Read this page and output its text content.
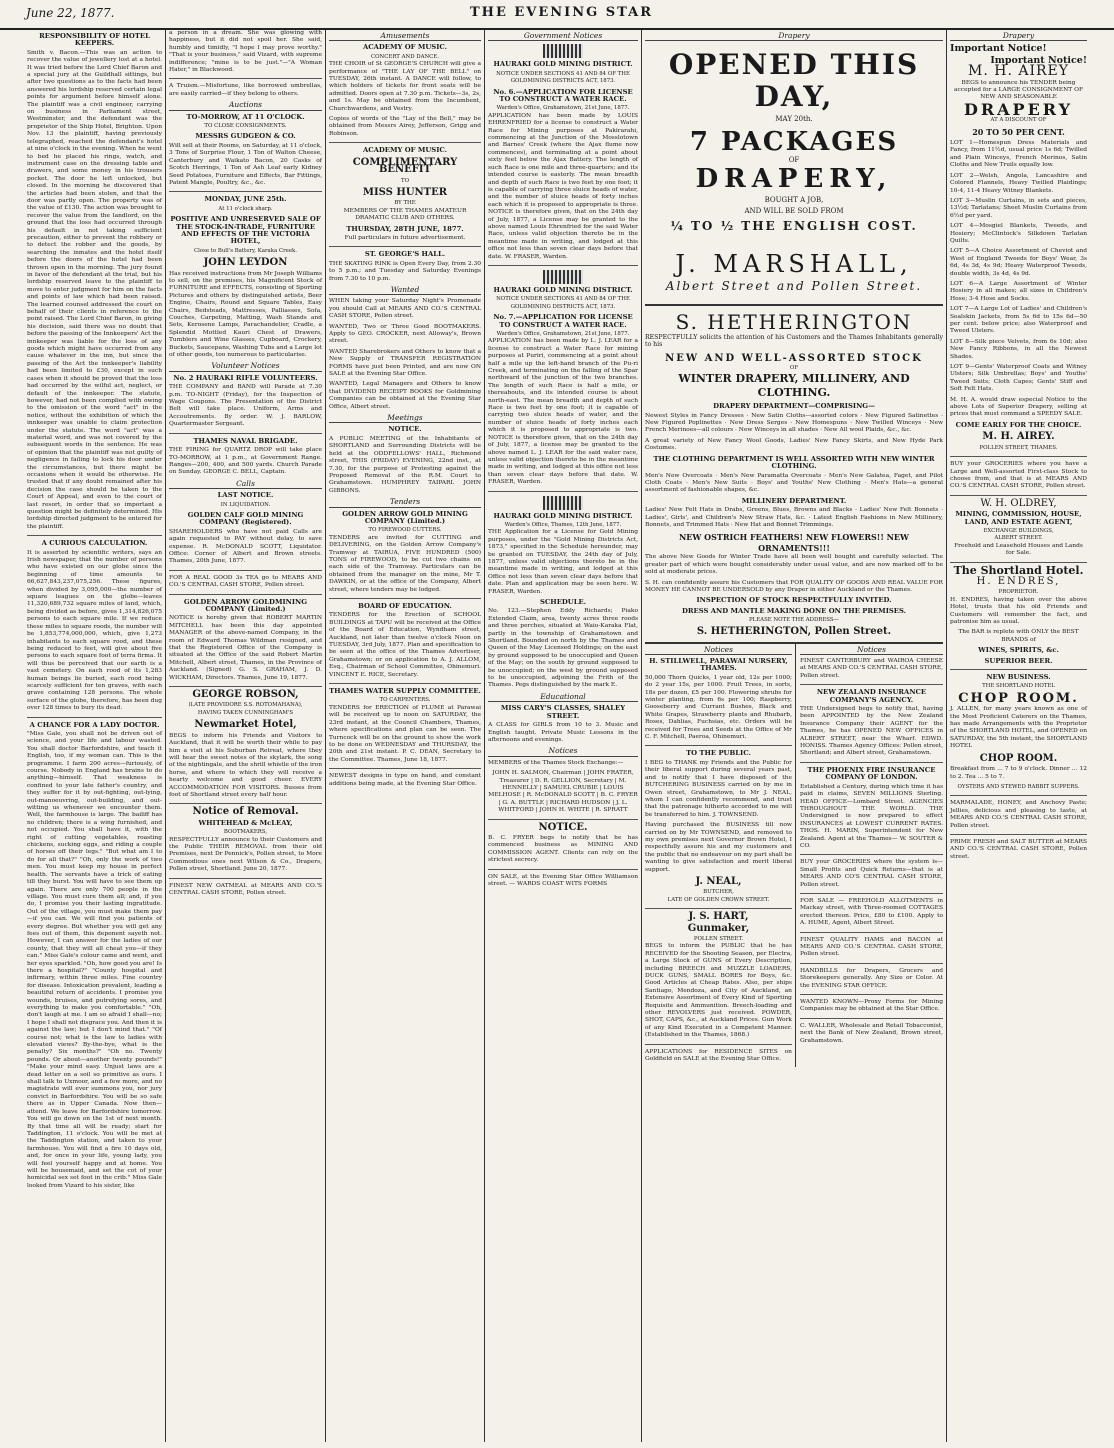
June 22, 1877.	THE EVENING STAR
RESPONSIBILITY OF HOTEL KEEPERS.
Smith v. Bacon.—This was an action to recover the value of jewellery lost at a hotel. It was tried before the Lord Chief Baron and a special jury at the Guildhall sittings, but after two questions as to the facts had been answered his lordship reserved certain legal points for argument before himself alone. The plaintiff was a civil engineer, carrying on business in Parliament street, Westminster, and the defendant was the proprietor of the Ship Hotel, Brighton. Upon Nov. 13 the plaintiff, having previously telegraphed, reached the defendant's hotel at nine o'clock in the evening. When he went to bed he placed his rings, watch, and instrument case on the dressing table and drawers, and some money in his trousers pocket. The door he left unlocked, but closed. In the morning he discovered that the articles had been stolen, and that the door was partly open. The property was of the value of £130. The action was brought to recover the value from the landlord, on the ground that the loss had occurred through his default in not taking sufficient precaution, either to prevent the robbery or to detect the robber and the goods, by searching the inmates and the hotel itself before the doors of the hotel had been thrown open in the morning. The jury found in favor of the defendant at the trial, but his lordship reserved leave to the plaintiff to move to enter judgment for him on the facts and points of law which had been raised. The learned counsel addressed the court on behalf of their clients in reference to the point raised. The Lord Chief Baron, in giving his decision, said there was no doubt that before the passing of the Innkeepers' Act the innkeeper was liable for the loss of any goods which might have occurred from any cause whatever in the inn, but since the passing of the Act the innkeeper's liability had been limited to £30, except in such cases when it should be proved that the loss had occurred by the wilful act, neglect, or default of the innkeeper. The statute, however, had not been complied with owing to the omission of the word "act" in the notice, without the exhibition of which the innkeeper was unable to claim protection under the statute. The word "act" was a material word, and was not covered by the subsequent words in the sentence. He was of opinion that the plaintiff was not guilty of negligence in failing to lock his door under the circumstances, but there might be occasions when it would be otherwise. He trusted that if any doubt remained after his decision the case should be taken to the Court of Appeal, and even to the court of last resort, in order that so important a question might be definitely determined. His lordship directed judgment to be entered for the plaintiff.
A CURIOUS CALCULATION.
It is asserted by scientific writers, says an Irish newspaper, that the number of persons who have existed on our globe since the beginning of time amounts to 66,627,843,237,075,256. These figures, when divided by 3,095,000—the number of square leagues on the globe—leaves 11,320,689,732 square miles of land, which, being divided as before, gives 1,314,826,075 persons to each square mile. If we reduce these miles to square roods, the number will be 1,853,774,000,000, which, give 1,273 inhabitants to each square rood, and these being reduced to feet, will give about five persons to each square foot of terra firma. It will thus be perceived that our earth is a vast cemetery. On each rood of its 1,283 human beings lie buried, each rood being scarcely sufficient for ten graves, with each grave containing 128 persons. The whole surface of the globe, therefore, has been dug over 128 times to bury its dead.
A CHANCE FOR A LADY DOCTOR.
"Miss Gale, you shall not be driven out of science, and your life and labour wasted. You shall doctor Barfordshire, and teach it English, too, if my woman can. This is the programme. I farm 200 acres—furiously, of course. Nobody in England has brains to do anything—himself. That weakness is confined to your late father's country, and they suffer for it by out-fighting, out-lying, out-manoeuvring, out-building, and out-witting us whenever we encounter them. Well, the farmhouse is large. The bailiff has no children; there is a wing furnished, and not occupied. You shall have it, with the right of cutting vegetables, roasting chickens, sucking eggs, and riding a couple of horses off their legs." "But what am I to do for all that?" "Oh, only the work of two men. You must keep my house in perfect health. The servants have a trick of eating till they burst. You will have to see them up again. There are only 700 people in the village. You must cure them all; and, if you do, I promise you their lasting ingratitude. Out of the village, you must make them pay—if you can. We will find you patients of every degree. But whether you will get any fees out of them, this deponent sayeth not. However, I can answer for the ladies of our county, that they will all cheat you—if they can." Miss Gale's colour came and went, and her eyes sparkled. "Oh, how good you are! Is there a hospital?" "County hospital and infirmary, within three miles. Fine country for disease. Intoxication prevalent, leading a beautiful return of accidents. I promise you wounds, bruises, and putrefying sores, and everything to make you comfortable." "Oh, don't laugh at me. I am so afraid I shall—no; I hope I shall not disgrace you. And then it is against the law; but I don't mind that." "Of course not; what is the law to ladies with elevated views? By-the-bye, what is the penalty? Six months?" "Oh no. Twenty pounds. Or about—another twenty pounds!" "Make your mind easy. Unjust laws are a dead letter on a soil so primitive as ours. I shall talk to Uxmoor, and a few more, and no magistrate will ever summons you, nor jury convict in Barfordshire. You will be so safe there as in Upper Canada. Now then—attend. We leave for Barfordshire tomorrow. You will go down on the 1st of next month. By that time all will be ready; start for Taddington, 11 o'clock. You will be met at the Taddington station, and taken to your farmhouse. You will find a fire 10 days old, and, for once in your life, young lady, you will feel yourself happy and at home. You will be housemaid, and set the cot of your homicidal sex set foot in the crib." Miss Gale looked from Vizard to his sister, like
a person in a dream. She was glowing with happiness, but it did not spoil her. She said, humbly and timidly, "I hope I may prove worthy." "That is your business," said Vizard, with supreme indifference; "mine is to be just."—"A Woman Hater," in Blackwood.
A Truism.—Misfortune, like borrowed umbrellas, are easily carried—if they belong to others.
Auctions
TO-MORROW, AT 11 O'CLOCK.
TO CLOSE CONSIGNMENTS.
MESSRS GUDGEON & CO.
Will sell at their Rooms, on Saturday, at 11 o'clock, 3 Tons of Surprise Flour, 1 Ton of Walton Cheese, Canterbury and Waikato Bacon, 20 Casks of Scotch Herrings, 1 Ton of Ash Leaf early Kidney Seed Potatoes, Furniture and Effects, Bar Fittings, Patent Mangle, Poultry, &c., &c.
MONDAY, JUNE 25th.
At 11 o'clock sharp.
POSITIVE AND UNRESERVED SALE OF THE STOCK-IN-TRADE, FURNITURE AND EFFECTS OF THE VICTORIA HOTEL,
Close to Bull's Battery, Karaka Creek.
JOHN LEYDON
Has received instructions from Mr Joseph Williams to sell, on the premises, his Magnificent Stock of FURNITURE and EFFECTS, consisting of Sporting Pictures and others by distinguished artists, Beer Engine, Chairs, Round and Square Tables, Easy Chairs, Bedsteads, Mattresses, Palliasses, Sofa, Couches, Carpeting, Matting, Wash Stands and Sets, Kerosene Lamps, Parachandelier, Cradle, a Splendid Mottled Kauri Chest of Drawers, Tumblers and Wine Glasses, Cupboard, Crockery, Buckets, Saucepans, Washing Tubs and a Large lot of other goods, too numerous to particularise.
Volunteer Notices
No. 2 HAURAKI RIFLE VOLUNTEERS.
THE COMPANY and BAND will Parade at 7.30 p.m. TO-NIGHT (Friday), for the Inspection of Wage Coupons. The Presentation of the District Belt will take place. Uniform, Arms and Accoutrements. By order. W. J. BARLOW, Quartermaster Sergeant.
THAMES NAVAL BRIGADE.
THE FIRING for QUARTZ DROP will take place TO-MORROW, at 1 p.m., at Government Range. Ranges—200, 400, and 500 yards. Church Parade on Sunday. GEORGE C. BELL, Captain.
Calls
LAST NOTICE.
IN LIQUIDATION.
GOLDEN CALF GOLD MINING COMPANY (Registered).
SHAREHOLDERS who have not paid Calls are again requested to PAY without delay, to save expense. R. McDONALD SCOTT, Liquidator. Office: Corner of Albert and Brown streets. Thames, 20th June, 1877.
FOR A REAL GOOD 3s TEA go to MEARS AND CO.'S CENTRAL CASH STORE, Pollen street.
GOLDEN ARROW GOLDMINING COMPANY (Limited.)
NOTICE is hereby given that ROBERT MARTIN MITCHELL has been this day appointed MANAGER of the above-named Company, in the room of Edward Thomas Wildman resigned, and that the Registered Office of the Company is situated at the Office of the said Robert Martin Mitchell, Albert street, Thames, in the Province of Auckland. (Signed) G. S. GRAHAM, J. D. WICKHAM, Directors. Thames, June 19, 1877.
GEORGE ROBSON,
(LATE PROVIDORE S.S. ROTOMAHANA),
HAVING TAKEN CUNNINGHAM'S
Newmarket Hotel,
BEGS to inform his Friends and Visitors to Auckland, that it will be worth their while to pay him a visit at his Suburban Retreat, where they will hear the sweet notes of the skylark, the song of the nightingale, and the shrill whistle of the iron horse, and where to which they will receive a hearty welcome and good cheer. EVERY ACCOMMODATION FOR VISITORS. Busses from foot of Shortland street every half hour.
Notice of Removal.
WHITEHEAD & McLEAY,
BOOTMAKERS,
RESPECTFULLY announce to their Customers and the Public THEIR REMOVAL from their old Premises, next Dr Pennick's, Pollen street, to More Commodious ones next Wilson & Co., Drapers, Pollen street, Shortland. June 20, 1877.
FINEST NEW OATMEAL at MEARS AND CO.'S CENTRAL CASH STORE, Pollen street.
Amusements
ACADEMY OF MUSIC.
CONCERT AND DANCE.
THE CHOIR of St GEORGE'S CHURCH will give a performance of "THE LAY OF THE BELL" on TUESDAY, 26th instant. A DANCE will follow, to which holders of tickets for front seats will be admitted. Doors open at 7.30 p.m. Tickets—3s, 2s, and 1s. May be obtained from the Incumbent, Churchwardens, and Vestry.
Copies of words of the "Lay of the Bell," may be obtained from Messrs Airey, Jefferson, Grigg and Robinson.
ACADEMY OF MUSIC.
COMPLIMENTARY BENEFIT
TO
MISS HUNTER
BY THE
MEMBERS OF THE THAMES AMATEUR DRAMATIC CLUB AND OTHERS.
THURSDAY, 28TH JUNE, 1877.
Full particulars in future advertisement.
ST. GEORGE'S HALL.
THE SKATING RINK is Open Every Day, from 2.30 to 5 p.m.; and Tuesday and Saturday Evenings from 7.30 to 10 p.m.
Wanted
WHEN taking your Saturday Night's Promenade you should Call at MEARS AND CO.'S CENTRAL CASH STORE, Pollen street.
WANTED, Two or Three Good BOOTMAKERS. Apply to GEO. CROCKER, next Alloway's, Brown street.
WANTED Sharebrokers and Others to know that a New Supply of TRANSFER REGISTRATION FORMS have just been Printed, and are now ON SALE at the Evening Star Office.
WANTED, Legal Managers and Others to know that DIVIDEND RECEIPT BOOKS for Goldmining Companies can be obtained at the Evening Star Office, Albert street.
Meetings
NOTICE.
A PUBLIC MEETING of the Inhabitants of SHORTLAND and Surrounding Districts will be held at the ODDFELLOWS' HALL, Richmond street, THIS (FRIDAY) EVENING, 22nd inst., at 7.30, for the purpose of Protesting against the Proposed Removal of the R.M. Court to Grahamstown. HUMPHREY TAIPARI. JOHN GIBBONS.
Tenders
GOLDEN ARROW GOLD MINING COMPANY (Limited.)
TO FIREWOOD CUTTERS.
TENDERS are invited for CUTTING and DELIVERING, on the Golden Arrow Company's Tramway at TAIRUA, FIVE HUNDRED (500) TONS of FIREWOOD, to be cut two chains on each side of the Tramway. Particulars can be obtained from the manager on the mine, Mr T. DAWKIN, or at the office of the Company, Albert street, where tenders may be lodged.
BOARD OF EDUCATION.
TENDERS for the Erection of SCHOOL BUILDINGS at TAPU will be received at the Office of the Board of Education, Wyndham street, Auckland, not later than twelve o'clock Noon on TUESDAY, 3rd July, 1877. Plan and specification to be seen at the office of the Thames Advertiser, Grahamstown; or on application to A. J. ALLOM, Esq., Chairman of School Committee, Ohinemuri. VINCENT E. RICE, Secretary.
THAMES WATER SUPPLY COMMITTEE.
TO CARPENTERS.
TENDERS for ERECTION of FLUME at Parawai will be received up to noon on SATURDAY, the 23rd instant, at the Council Chambers, Thames, where specifications and plan can be seen. The Turncock will be on the ground to show the work to be done on WEDNESDAY and THURSDAY, the 20th and 21st instant. P. C. DEAN, Secretary to the Committee. Thames, June 18, 1877.
NEWEST designs in type on hand, and constant additions being made, at the Evening Star Office.
Government Notices
HAURAKI GOLD MINING DISTRICT.
NOTICE UNDER SECTIONS 41 AND 84 OF THE GOLDMINING DISTRICTS ACT, 1873.
No. 6.—APPLICATION FOR LICENSE TO CONSTRUCT A WATER RACE.
Warden's Office, Grahamstown, 21st June, 1877.
APPLICATION has been made by LOUIS EHRENFRIED for a license to construct a Water Race for Mining purposes at Pakirarahi, commencing at the Junction of the Mosslotown and Barnes' Creek (where the Ajax flume now commences), and terminating at a point about sixty feet below the Ajax Battery. The length of such Race is one mile and three-quarters; and its intended course is easterly. The mean breadth and depth of such Race is two feet by one foot; it is capable of carrying three sluice heads of water, and the number of sluice heads of forty inches each which it is proposed to appropriate is three. NOTICE is therefore given, that on the 24th day of July, 1877, a License may be granted to the above named Louis Ehrenfried for the said Water Race, unless valid objection thereto be in the meantime made in writing, and lodged at this office not less than seven clear days before that date. W. FRASER, Warden.
HAURAKI GOLD MINING DISTRICT.
NOTICE UNDER SECTIONS 41 AND 84 OF THE GOLDMINING DISTRICTS ACT, 1873.
No. 7.—APPLICATION FOR LICENSE TO CONSTRUCT A WATER RACE.
Warden's Office, Grahamstown, 21st June, 1877.
APPLICATION has been made by L. J. LEAR for a license to construct a Water Race for mining purposes at Puriri, commencing at a point about half a mile up the left-hand branch of the Pu-ri Creek, and terminating on the falling of the Spar northward of the junction of the two branches. The length of such Race is half a mile, or thereabouts, and its intended course is about north-east. The mean breadth and depth of such Race is two feet by one foot; it is capable of carrying two sluice heads of water, and the number of sluice heads of forty inches each which it is proposed to appropriate is two. NOTICE is therefore given, that on the 24th day of July, 1877, a license may be granted to the above named L. J. LEAR for the said water race, unless valid objection thereto be in the meantime made in writing, and lodged at this office not less than seven clear days before that date. W. FRASER, Warden.
HAURAKI GOLD MINING DISTRICT.
Warden's Office, Thames, 12th June, 1877.
THE Application for a License for Gold Mining purposes, under the "Gold Mining Districts Act, 1873," specified in the Schedule hereunder, may be granted on TUESDAY, the 24th day of July, 1877, unless valid objections thereto be in the meantime made in writing, and lodged at this Office not less than seven clear days before that date. Plan and application may be seen here. W. FRASER, Warden.
SCHEDULE.
No. 123.—Stephen Eddy Richards; Piako Extended Claim, area, twenty acres three roods and three perches, situated at Waio-Karaka Flat, partly in the township of Grahamstown and Shortland. Bounded on north by the Thames and Queen of the May Licensed Holdings; on the east by ground supposed to be unoccupied and Queen of the May; on the south by ground supposed to be unoccupied; on the west by ground supposed to be unoccupied, adjoining the Frith of the Thames. Pegs distinguished by the mark E.
Educational
MISS CARY'S CLASSES, SHALEY STREET.
A CLASS for GIRLS from 10 to 3. Music and English taught. Private Music Lessons in the afternoons and evenings.
Notices
MEMBERS of the Thames Stock Exchange:—
JOHN H. SALMON, Chairman | JOHN FRATER, Treasurer | D. R. GELLION, Secretary | M. HENNELLY | SAMUEL CRUBIE | LOUIS MELHOSE | R. McDONALD SCOTT | B. C. FRYER | G. A. BUTTLE | RICHARD HUDSON | J. L. WHITFORD | JOHN H. WHITE | R. SPRATT
NOTICE.
B. C. FRYER begs to notify that he has commenced business as MINING AND COMMISSION AGENT. Clients can rely on the strictest secrecy.
ON SALE, at the Evening Star Office Williamson street. — WARDS COAST WITS FORMS
Drapery
OPENED THIS DAY,
MAY 20th.
7 PACKAGES
OF
DRAPERY,
BOUGHT A JOB,
AND WILL BE SOLD FROM
¼ TO ½ THE ENGLISH COST.
J. MARSHALL,
Albert Street and Pollen Street.
S. HETHERINGTON
RESPECTFULLY solicits the attention of his Customers and the Thames Inhabitants generally to his
NEW AND WELL-ASSORTED STOCK
OF
WINTER DRAPERY, MILLINERY, AND CLOTHING.
DRAPERY DEPARTMENT—COMPRISING—
Newest Styles in Fancy Dresses · New Satin Cloths—assorted colors · New Figured Satinettes · New Figured Poplinettes · New Dress Serges · New Homespuns · New Twilled Winceys · New French Merinoes—all colours · New Winceys in all shades · New All wool Plaids, &c., &c.
A great variety of New Fancy Wool Goods, Ladies' New Fancy Skirts, and New Hyde Park Costumes.
THE CLOTHING DEPARTMENT IS WELL ASSORTED WITH NEW WINTER CLOTHING.
Men's New Overcoats · Men's New Paramatta Overcoats · Men's New Galatea, Faget, and Pilot Cloth Coats · Men's New Suits · Boys' and Youths' New Clothing · Men's Hats—a general assortment of fashionable shapes, &c.
MILLINERY DEPARTMENT.
Ladies' New Felt Hats in Drabs, Greens, Blues, Browns and Blacks · Ladies' New Felt Bonnets · Ladies', Girls', and Children's New Straw Hats, &c. · Latest English Fashions in New Millinery, Bonnets, and Trimmed Hats · New Hat and Bonnet Trimmings.
NEW OSTRICH FEATHERS! NEW FLOWERS!! NEW ORNAMENTS!!!
The above New Goods for Winter Trade have all been well bought and carefully selected. The greater part of which were bought considerably under usual value, and are now marked off to be sold at moderate prices.
S. H. can confidently assure his Customers that FOR QUALITY OF GOODS AND REAL VALUE FOR MONEY HE CANNOT BE UNDERSOLD by any Draper in either Auckland or the Thames.
INSPECTION OF STOCK RESPECTFULLY INVITED.
DRESS AND MANTLE MAKING DONE ON THE PREMISES.
PLEASE NOTE THE ADDRESS—
S. HETHERINGTON, Pollen Street.
Notices
H. STILLWELL, PARAWAI NURSERY, THAMES.
50,000 Thorn Quicks, 1 year old, 12s per 1000; do 2 year 15s, per 1000. Fruit Trees, in sorts, 18s per dozen, £5 per 100. Flowering shrubs for winter planting, from 6s per 100; Raspberry, Gooseberry and Currant Bushes, Black and White Grapes, Strawberry plants and Rhubarb, Roses, Dahlias, Fuchsias, etc. Orders will be received for Trees and Seeds at the Office of Mr C. F. Mitchell, Paeroa, Ohinemuri.
TO THE PUBLIC.
I BEG to THANK my Friends and the Public for their liberal support during several years past, and to notify that I have disposed of the BUTCHERING BUSINESS carried on by me in Owen street, Grahamstown, to Mr J. NEAL, whom I can confidently recommend, and trust that the patronage hitherto accorded to me will be transferred to him. J. TOWNSEND.
Having purchased the BUSINESS till now carried on by Mr TOWNSEND, and removed to my own premises next Governor Brown Hotel, I respectfully assure his and my customers and the public that no endeavour on my part shall be wanting to give satisfaction and merit liberal support.
J. NEAL,
BUTCHER,
LATE OF GOLDEN CROWN STREET.
J. S. HART,
Gunmaker,
POLLEN STREET.
BEGS to inform the PUBLIC that he has RECEIVED for the Shooting Season, per Electra, a Large Stock of GUNS of Every Description, including BREECH and MUZZLE LOADERS, DUCK GUNS, SMALL BORES for Boys, &c. Good Articles at Cheap Rates. Also, per ships Santiago, Mendoza, and City of Auckland, an Extensive Assortment of Every Kind of Sporting Requisite and Ammunition. Breech-loading and other REVOLVERS just received. POWDER, SHOT, CAPS, &c., at Auckland Prices. Gun Work of any Kind Executed in a Competent Manner. (Established in the Thames, 1868.)
APPLICATIONS for RESIDENCE SITES on Goldfield on SALE at the Evening Star Office.
Notices
FINEST CANTERBURY and WAIROA CHEESE at MEARS AND CO.'S CENTRAL CASH STORE, Pollen street.
NEW ZEALAND INSURANCE COMPANY'S AGENCY.
THE Undersigned begs to notify that, having been APPOINTED by the New Zealand Insurance Company their AGENT for the Thames, he has OPENED NEW OFFICES in ALBERT STREET, near the Wharf. EDWD. HONISS. Thames Agency Offices: Pollen street, Shortland; and Albert street, Grahamstown.
THE PHOENIX FIRE INSURANCE COMPANY OF LONDON.
Established a Century, during which time it has paid in claims, SEVEN MILLIONS Sterling. HEAD OFFICE—Lombard Street. AGENCIES THROUGHOUT THE WORLD. THE Undersigned is now prepared to effect INSURANCES at LOWEST CURRENT RATES. THOS. H. MARIN, Superintendent for New Zealand. Agent at the Thames— W. SOUTER & CO.
BUY your GROCERIES where the system is—Small Profits and Quick Returns—that is at MEARS AND CO'S CENTRAL CASH STORE, Pollen street.
FOR SALE — FREEHOLD ALLOTMENTS in Mackay street, with Three-roomed COTTAGES erected thereon. Price, £80 to £100. Apply to A. HUME, Agent, Albert Street.
FINEST QUALITY HAMS and BACON at MEARS AND CO.'S CENTRAL CASH STORE, Pollen street.
HANDBILLS for Drapers, Grocers and Storekeepers generally. Any Size or Color. At the EVENING STAR OFFICE.
WANTED KNOWN—Proxy Forms for Mining Companies may be obtained at the Star Office.
C. WALLER, Wholesale and Retail Tobacconist, next the Bank of New Zealand, Brown street, Grahamstown.
Drapery
Important Notice!
Important Notice!
M. H. AIREY
BEGS to announce his TENDER being accepted for a LARGE CONSIGNMENT OF NEW AND SEASONABLE
DRAPERY
AT A DISCOUNT OF
20 TO 50 PER CENT.
LOT 1—Homespun Dress Materials and Fancy, from 11½d, usual price 1s 6d; Twilled and Plain Winceys, French Merinos, Satin Cloths and New Truils equally low.
LOT 2—Welsh, Angola, Lancashire and Colored Flannels, Heavy Twilled Plaidings; 10-4, 11-4 Heavy Witney Blankets.
LOT 3—Muslin Curtains, in sets and pieces, 13½d; Tarlatans; Sheet Muslin Curtains from 6½d per yard.
LOT 4—Mosgiel Blankets, Tweeds, and Hosiery; McClintock's Silkdown Tarlatan Quilts.
LOT 5—A Choice Assortment of Cheviot and West of England Tweeds for Boys' Wear, 3s 6d, 4s 3d, 4s 9d; Heavy Waterproof Tweeds, double width, 3s 4d, 4s 9d.
LOT 6—A Large Assortment of Winter Hosiery in all makes; all sizes in Children's Hose; 3-4 Hose and Socks.
LOT 7—A Large Lot of Ladies' and Children's Sealskin Jackets, from 5s 6d to 15s 6d—50 per cent. below price; also Waterproof and Tweed Ulsters.
LOT 8—Silk piece Velvets, from 6s 10d; also New Fancy Ribbons, in all the Newest Shades.
LOT 9—Gents' Waterproof Coats and Witney Ulsters; Silk Umbrellas; Boys' and Youths' Tweed Suits; Cloth Capes; Gents' Stiff and Soft Felt Hats.
M. H. A. would draw especial Notice to the above Lots of Superior Drapery, selling at prices that must command a SPEEDY SALE.
COME EARLY FOR THE CHOICE.
M. H. AIREY.
POLLEN STREET, THAMES.
BUY your GROCERIES where you have a Large and Well-assorted First-class Stock to choose from, and that is at MEARS AND CO.'S CENTRAL CASH STORE, Pollen street.
W. H. OLDREY,
MINING, COMMISSION, HOUSE, LAND, AND ESTATE AGENT,
EXCHANGE BUILDINGS,
ALBERT STREET.
Freehold and Leasehold Houses and Lands for Sale.
The Shortland Hotel.
H. ENDRES,
PROPRIETOR.
H. ENDRES, having taken over the above Hotel, trusts that his old Friends and Customers will remember the fact, and patronise him as usual.
The BAR is replete with ONLY the BEST BRANDS of
WINES, SPIRITS, &c.
SUPERIOR BEER.
NEW BUSINESS.
THE SHORTLAND HOTEL
CHOP ROOM.
J. ALLEN, for many years known as one of the Most Proficient Caterers on the Thames, has made Arrangements with the Proprietor of the SHORTLAND HOTEL, and OPENED on SATURDAY, the 5th instant, the SHORTLAND HOTEL
CHOP ROOM.
Breakfast from ... 7 to 9 o'clock. Dinner ... 12 to 2. Tea ... 5 to 7.
OYSTERS AND STEWED RABBIT SUPPERS.
MARMALADE, HONEY, and Anchovy Paste; Jellies, delicious and pleasing to taste, at MEARS AND CO.'S CENTRAL CASH STORE, Pollen street.
PRIME FRESH and SALT BUTTER at MEARS AND CO.'S CENTRAL CASH STORE, Pollen street.
